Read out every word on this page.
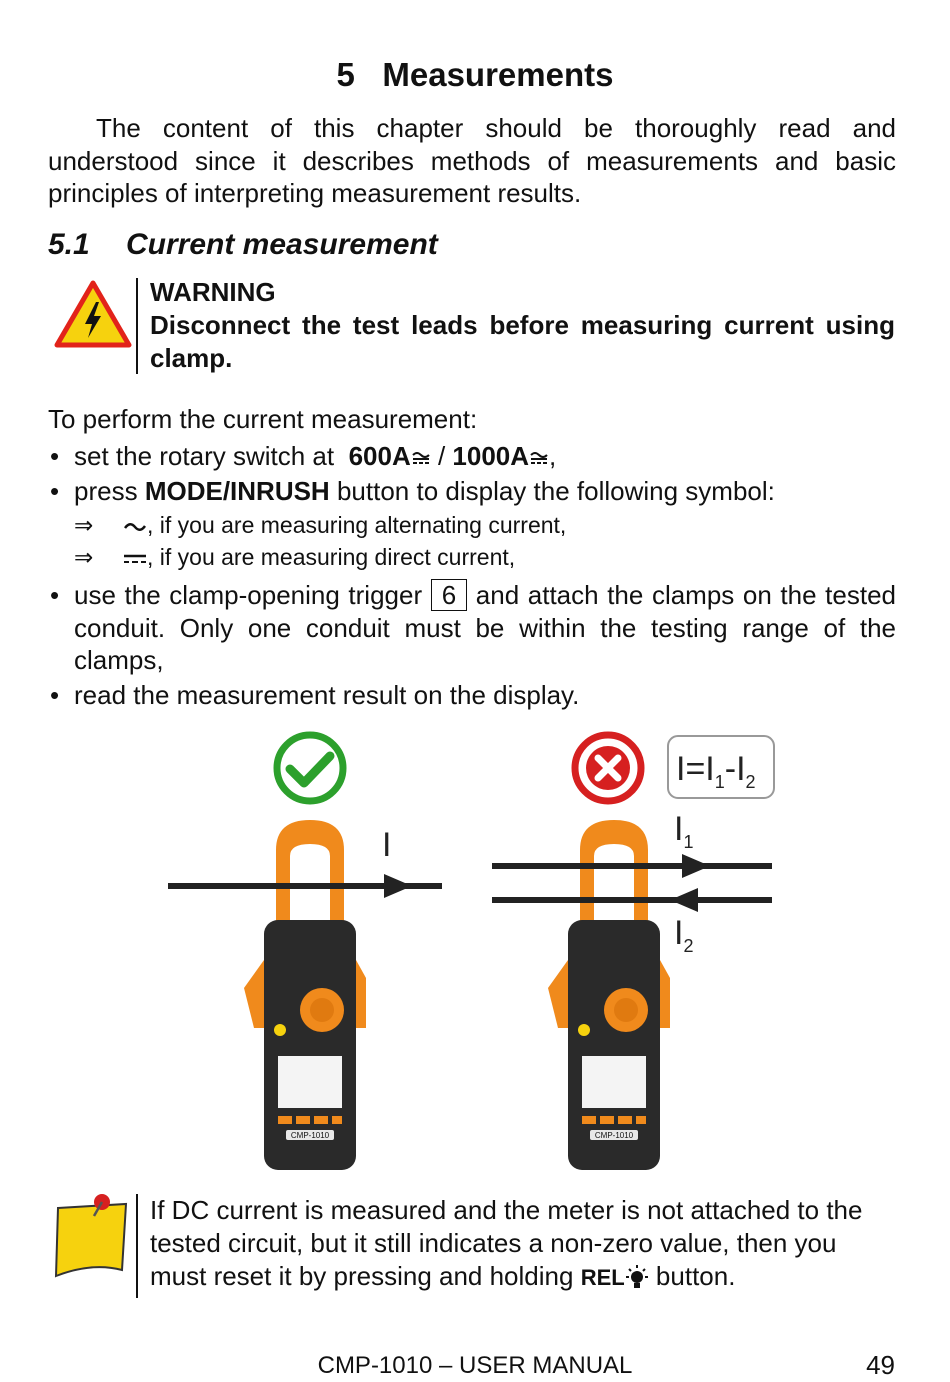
5 Measurements

The content of this chapter should be thoroughly read and understood since it describes methods of measurements and basic principles of interpreting measurement results.

5.1 Current measurement
WARNING
Disconnect the test leads before measuring current using clamp.
To perform the current measurement:
• set the rotary switch at 600A / 1000A ,
• press MODE/INRUSH button to display the following symbol:
⇒ , if you are measuring alternating current,
⇒ , if you are measuring direct current,
• use the clamp-opening trigger 6 and attach the clamps on the tested conduit. Only one conduit must be within the testing range of the clamps,
• read the measurement result on the display.
CMP-1010
I
CMP-1010
$I=I_1-I_2$
$I_1$
$I_2$
If DC current is measured and the meter is not attached to the tested circuit, but it still indicates a non-zero value, then you must reset it by pressing and holding REL button.
CMP-1010 – USER MANUAL	49
